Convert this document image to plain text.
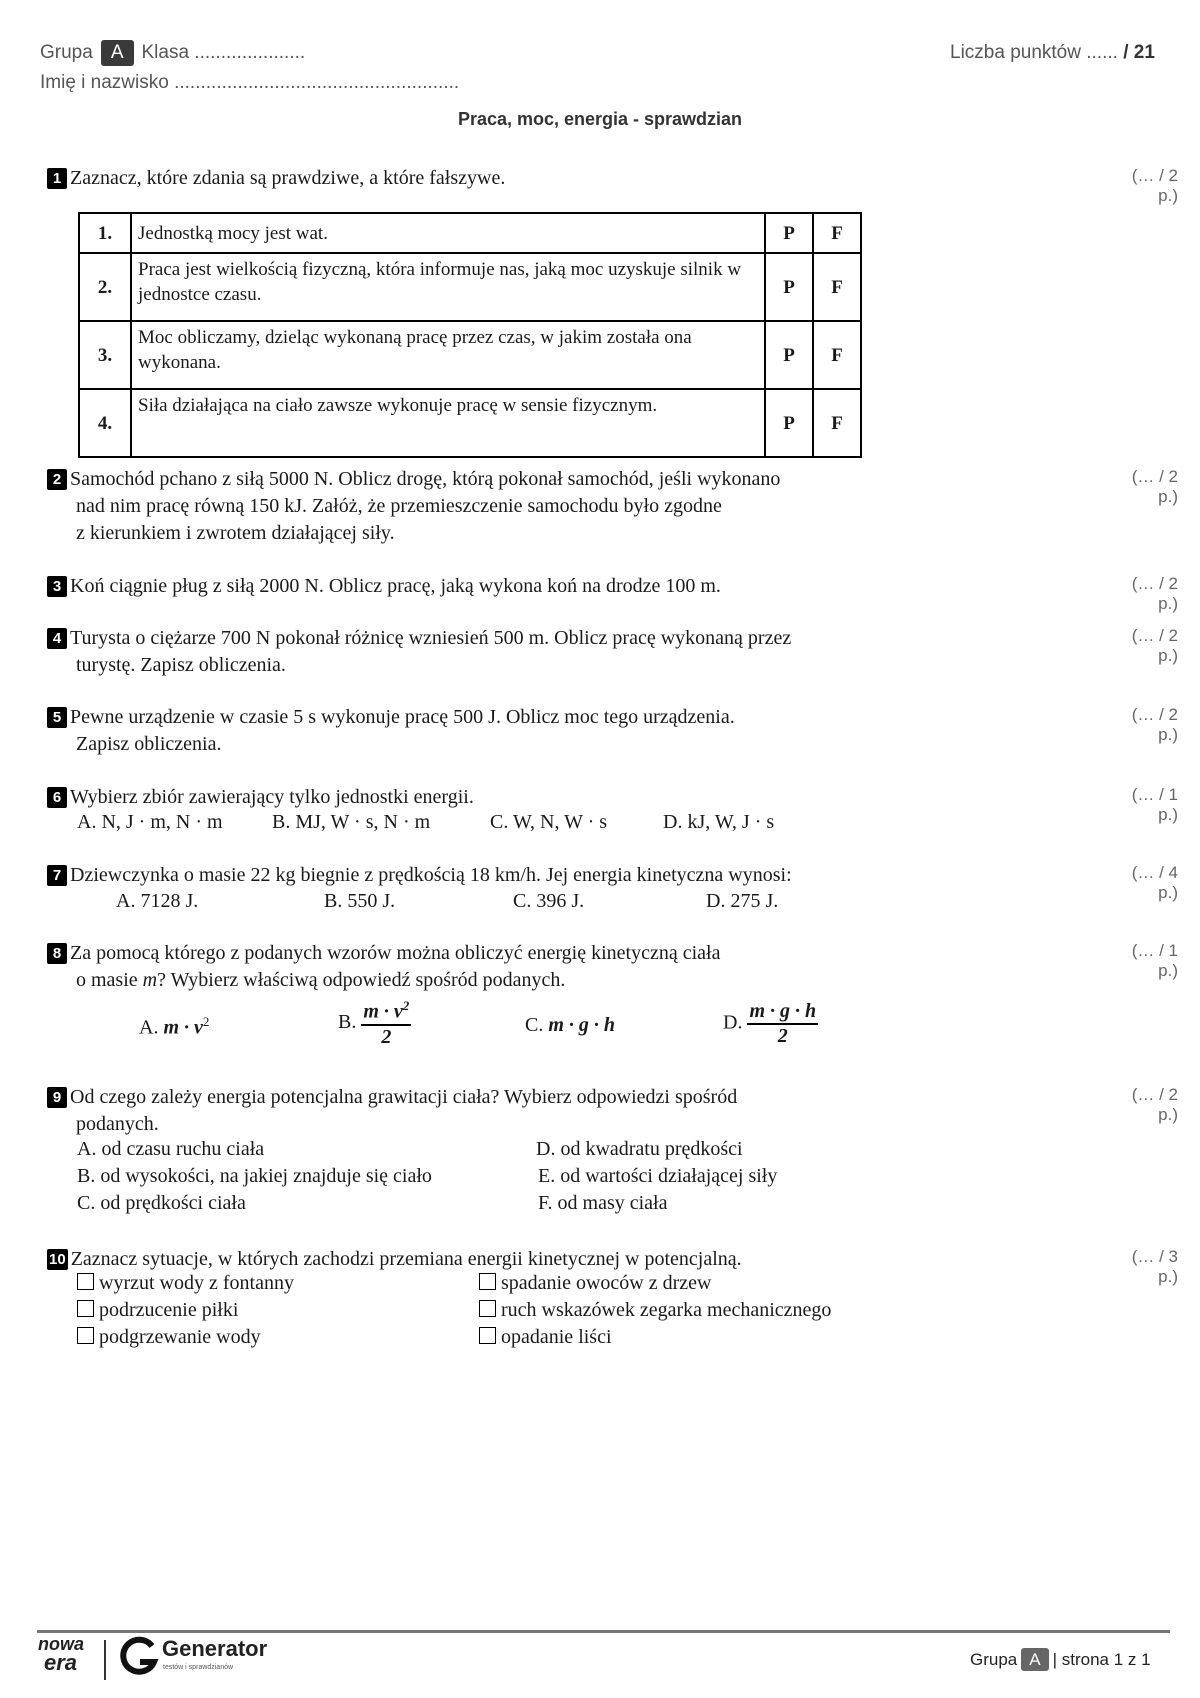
Grupa A Klasa .....................
Imię i nazwisko ......................................................
Liczba punktów ...... / 21
Praca, moc, energia - sprawdzian
1 Zaznacz, które zdania są prawdziwe, a które fałszywe.	(… / 2 p.)
1.	Jednostką mocy jest wat.	P	F
2.	Praca jest wielkością fizyczną, która informuje nas, jaką moc uzyskuje silnik w jednostce czasu.	P	F
3.	Moc obliczamy, dzieląc wykonaną pracę przez czas, w jakim została ona wykonana.	P	F
4.	Siła działająca na ciało zawsze wykonuje pracę w sensie fizycznym.	P	F
2 Samochód pchano z siłą 5000 N. Oblicz drogę, którą pokonał samochód, jeśli wykonano
nad nim pracę równą 150 kJ. Załóż, że przemieszczenie samochodu było zgodne
z kierunkiem i zwrotem działającej siły.
(… / 2 p.)
3 Koń ciągnie pług z siłą 2000 N. Oblicz pracę, jaką wykona koń na drodze 100 m.	(… / 2 p.)
4 Turysta o ciężarze 700 N pokonał różnicę wzniesień 500 m. Oblicz pracę wykonaną przez
turystę. Zapisz obliczenia.
(… / 2 p.)
5 Pewne urządzenie w czasie 5 s wykonuje pracę 500 J. Oblicz moc tego urządzenia.
Zapisz obliczenia.
(… / 2 p.)
6 Wybierz zbiór zawierający tylko jednostki energii.	(… / 1 p.)
A. N, J · m, N · m B. MJ, W · s, N · m	C. W, N, W · s	D. kJ, W, J · s
7 Dziewczynka o masie 22 kg biegnie z prędkością 18 km/h. Jej energia kinetyczna wynosi:	(… / 4 p.)
A. 7128 J.	B. 550 J.	C. 396 J.	D. 275 J.
8 Za pomocą którego z podanych wzorów można obliczyć energię kinetyczną ciała
o masie m? Wybierz właściwą odpowiedź spośród podanych.
(… / 1 p.)
A. $m \cdot v^2$	B. $\frac{m \cdot v^2}{2}$	C. m · g · h	D. $\frac{m \cdot g \cdot h}{2}$
9 Od czego zależy energia potencjalna grawitacji ciała? Wybierz odpowiedzi spośród
podanych.
(… / 2 p.)
A. od czasu ruchu ciała
B. od wysokości, na jakiej znajduje się ciało
C. od prędkości ciała
D. od kwadratu prędkości
E. od wartości działającej siły
F. od masy ciała
10 Zaznacz sytuacje, w których zachodzi przemiana energii kinetycznej w potencjalną.	(… / 3 p.)
wyrzut wody z fontanny
podrzucenie piłki
podgrzewanie wody
spadanie owoców z drzew
ruch wskazówek zegarka mechanicznego
opadanie liści
nowa
era
Generator
testów i sprawdzianów	Grupa A | strona 1 z 1
